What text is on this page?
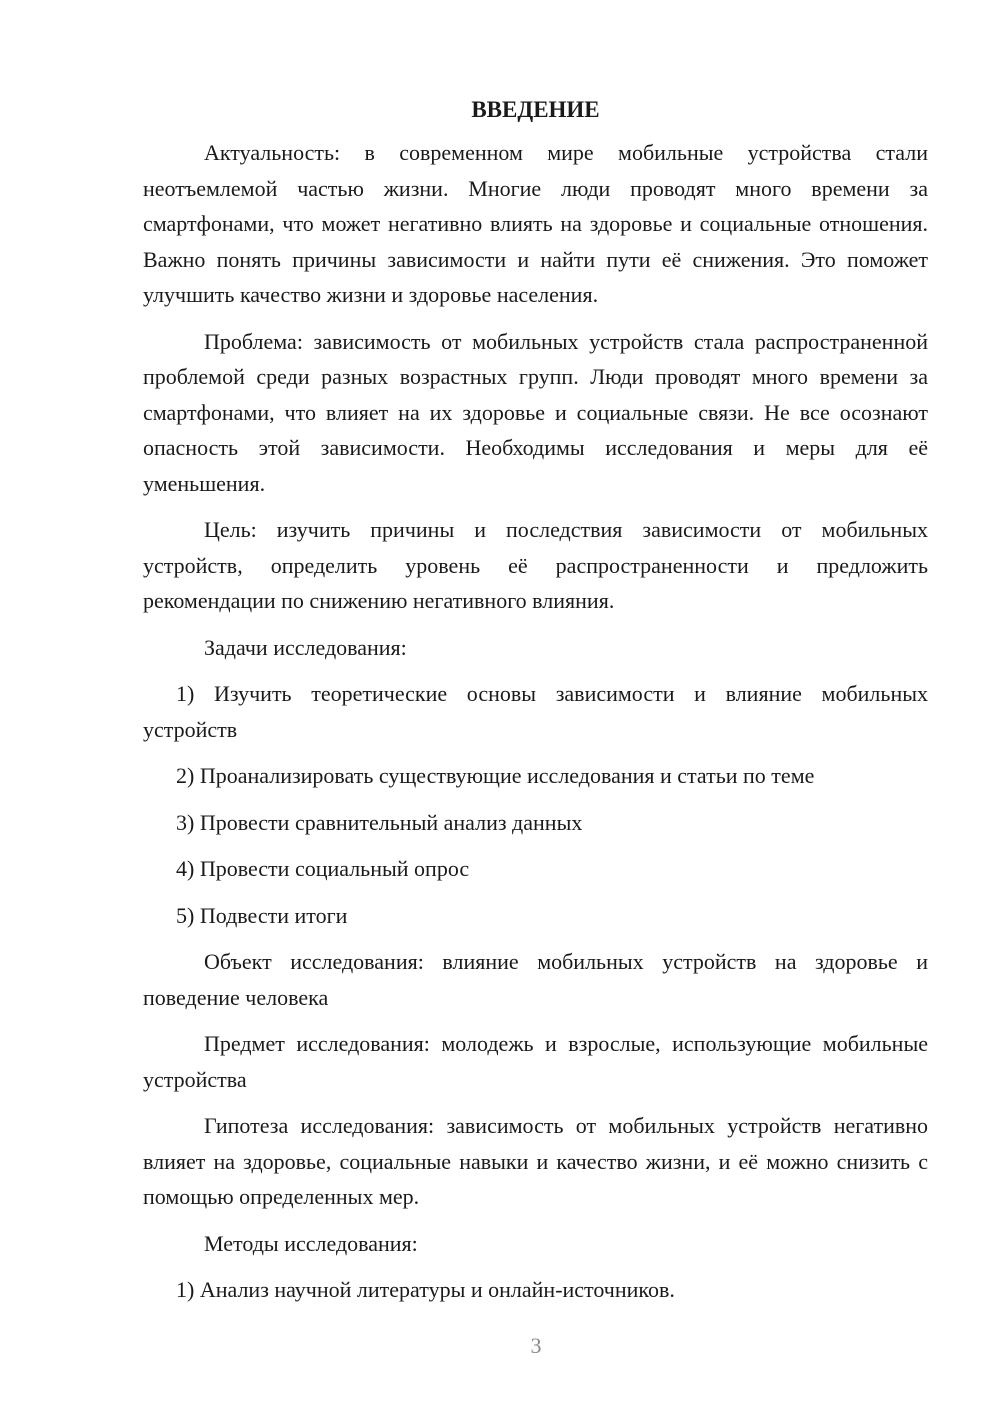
ВВЕДЕНИЕ

Актуальность: в современном мире мобильные устройства стали неотъемлемой частью жизни. Многие люди проводят много времени за смартфонами, что может негативно влиять на здоровье и социальные отношения. Важно понять причины зависимости и найти пути её снижения. Это поможет улучшить качество жизни и здоровье населения.

Проблема: зависимость от мобильных устройств стала распространенной проблемой среди разных возрастных групп. Люди проводят много времени за смартфонами, что влияет на их здоровье и социальные связи. Не все осознают опасность этой зависимости. Необходимы исследования и меры для её уменьшения.

Цель: изучить причины и последствия зависимости от мобильных устройств, определить уровень её распространенности и предложить рекомендации по снижению негативного влияния.

Задачи исследования:

1) Изучить теоретические основы зависимости и влияние мобильных устройств

2) Проанализировать существующие исследования и статьи по теме

3) Провести сравнительный анализ данных

4) Провести социальный опрос

5) Подвести итоги

Объект исследования: влияние мобильных устройств на здоровье и поведение человека

Предмет исследования: молодежь и взрослые, использующие мобильные устройства

Гипотеза исследования: зависимость от мобильных устройств негативно влияет на здоровье, социальные навыки и качество жизни, и её можно снизить с помощью определенных мер.

Методы исследования:

1) Анализ научной литературы и онлайн-источников.

3
